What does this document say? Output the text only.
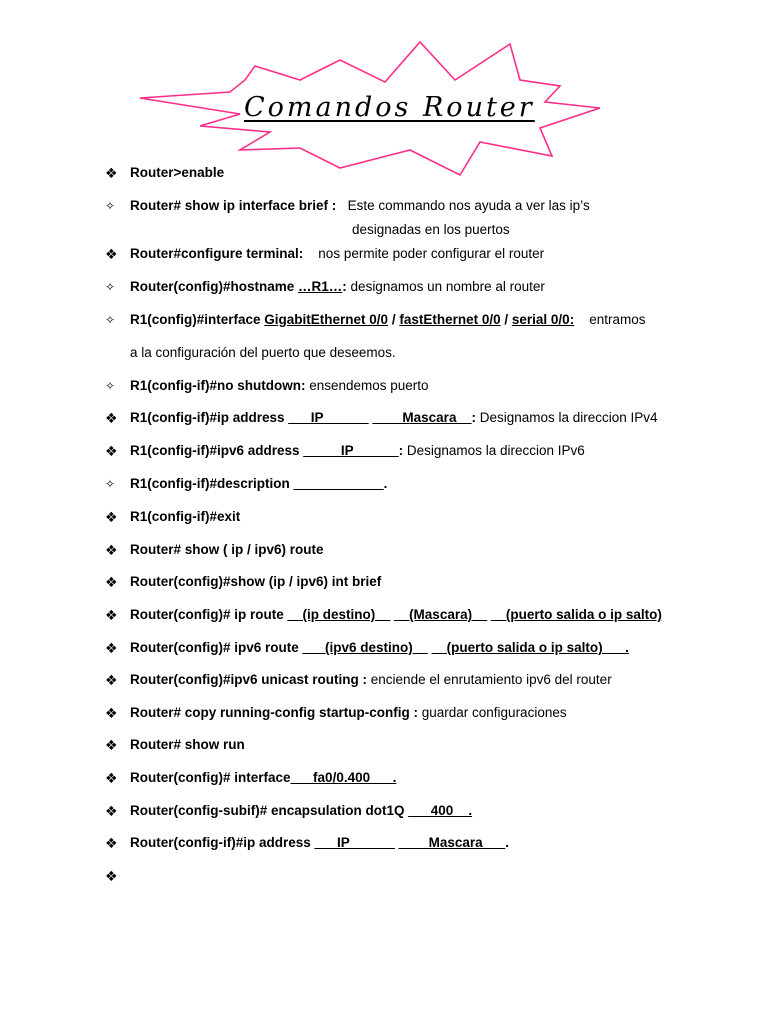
Comandos Router
❖ Router>enable
✧ Router# show ip interface brief : Este commando nos ayuda a ver las ip’s
designadas en los puertos
❖ Router#configure terminal: nos permite poder configurar el router
✧ Router(config)#hostname …R1…: designamos un nombre al router
✧ R1(config)#interface GigabitEthernet 0/0 / fastEthernet 0/0 / serial 0/0: entramos
a la configuración del puerto que deseemos.
✧ R1(config-if)#no shutdown: ensendemos puerto
❖ R1(config-if)#ip address ___IP______ ____Mascara__: Designamos la direccion IPv4
❖ R1(config-if)#ipv6 address _____IP______: Designamos la direccion IPv6
✧ R1(config-if)#description ____________.
❖ R1(config-if)#exit
❖ Router# show ( ip / ipv6) route
❖ Router(config)#show (ip / ipv6) int brief
❖ Router(config)# ip route __(ip destino)__ __(Mascara)__ __(puerto salida o ip salto)
❖ Router(config)# ipv6 route ___(ipv6 destino)__ __(puerto salida o ip salto)___.
❖ Router(config)#ipv6 unicast routing : enciende el enrutamiento ipv6 del router
❖ Router# copy running-config startup-config : guardar configuraciones
❖ Router# show run
❖ Router(config)# interface___fa0/0.400___.
❖ Router(config-subif)# encapsulation dot1Q ___400__.
❖ Router(config-if)#ip address ___IP______ ____Mascara___.
❖
